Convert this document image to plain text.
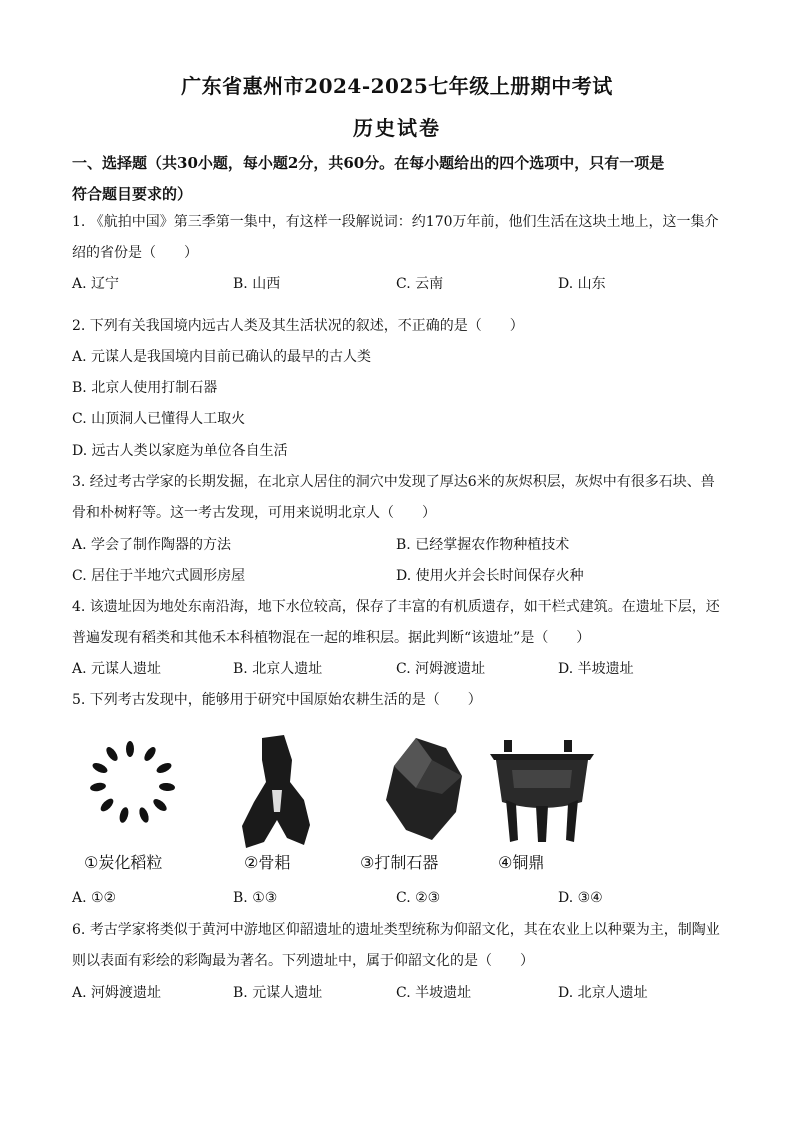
广东省惠州市2024-2025七年级上册期中考试
历史试卷
一、选择题（共30小题，每小题2分，共60分。在每小题给出的四个选项中，只有一项是
符合题目要求的）
1. 《航拍中国》第三季第一集中，有这样一段解说词：约170万年前，他们生活在这块土地上，这一集介
绍的省份是（　　）
A. 辽宁	B. 山西	C. 云南	D. 山东
2. 下列有关我国境内远古人类及其生活状况的叙述，不正确的是（　　）
A. 元谋人是我国境内目前已确认的最早的古人类
B. 北京人使用打制石器
C. 山顶洞人已懂得人工取火
D. 远古人类以家庭为单位各自生活
3. 经过考古学家的长期发掘，在北京人居住的洞穴中发现了厚达6米的灰烬积层，灰烬中有很多石块、兽
骨和朴树籽等。这一考古发现，可用来说明北京人（　　）
A. 学会了制作陶器的方法	B. 已经掌握农作物种植技术
C. 居住于半地穴式圆形房屋	D. 使用火并会长时间保存火种
4. 该遗址因为地处东南沿海，地下水位较高，保存了丰富的有机质遗存，如干栏式建筑。在遗址下层，还
普遍发现有稻类和其他禾本科植物混在一起的堆积层。据此判断“该遗址”是（　　）
A. 元谋人遗址	B. 北京人遗址	C. 河姆渡遗址	D. 半坡遗址
5. 下列考古发现中，能够用于研究中国原始农耕生活的是（　　）
①炭化稻粒	②骨耜	③打制石器	④铜鼎
A. ①②	B. ①③	C. ②③	D. ③④
6. 考古学家将类似于黄河中游地区仰韶遗址的遗址类型统称为仰韶文化，其在农业上以种粟为主，制陶业
则以表面有彩绘的彩陶最为著名。下列遗址中，属于仰韶文化的是（　　）
A. 河姆渡遗址	B. 元谋人遗址	C. 半坡遗址	D. 北京人遗址
